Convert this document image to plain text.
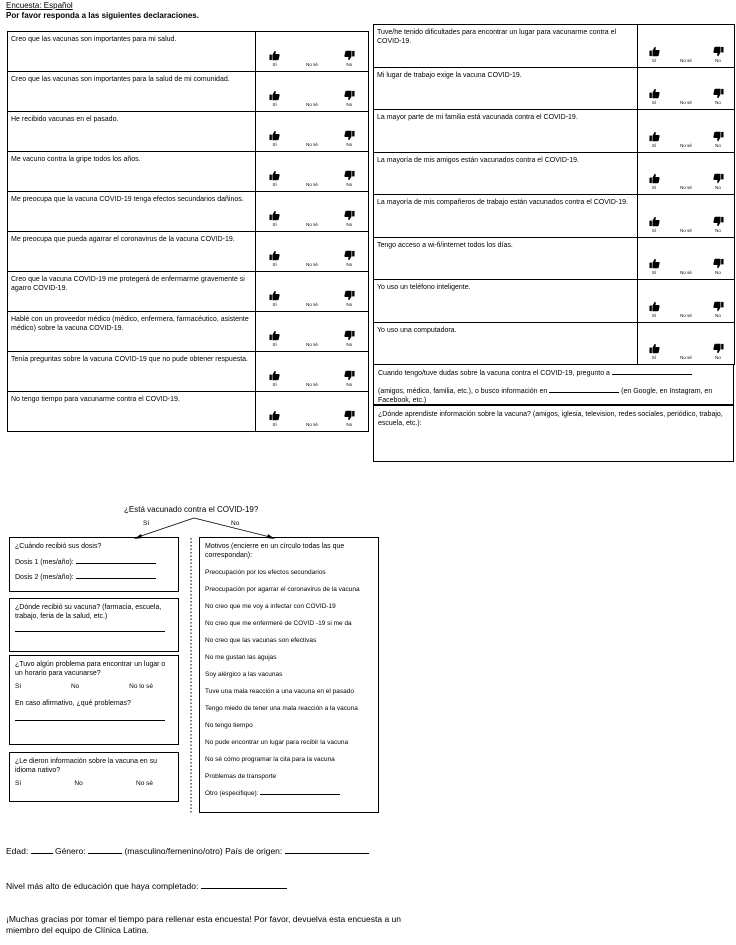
Encuesta: Español
Por favor responda a las siguientes declaraciones.
Creo que las vacunas son importantes para mi salud.	Sí No sé No

Creo que las vacunas son importantes para la salud de mi comunidad.	Sí No sé No

He recibido vacunas en el pasado.	Sí No sé No

Me vacuno contra la gripe todos los años.	Sí No sé No

Me preocupa que la vacuna COVID-19 tenga efectos secundarios dañinos.	Sí No sé No

Me preocupa que pueda agarrar el coronavirus de la vacuna COVID-19.	Sí No sé No

Creo que la vacuna COVID-19 me protegerá de enfermarme gravemente si agarro COVID-19.	Sí No sé No

Hablé con un proveedor médico (médico, enfermera, farmacéutico, asistente médico) sobre la vacuna COVID-19.	Sí No sé No

Tenía preguntas sobre la vacuna COVID-19 que no pude obtener respuesta.	Sí No sé No

No tengo tiempo para vacunarme contra el COVID-19.	Sí No sé No
Tuve/he tenido dificultades para encontrar un lugar para vacunarme contra el COVID-19.	Sí No sé No

Mi lugar de trabajo exige la vacuna COVID-19.	Sí No sé No

La mayor parte de mi familia está vacunada contra el COVID-19.	Sí No sé No

La mayoría de mis amigos están vacunados contra el COVID-19.	Sí No sé No

La mayoría de mis compañeros de trabajo están vacunados contra el COVID-19.	Sí No sé No

Tengo acceso a wi-fi/internet todos los días.	Sí No sé No

Yo uso un teléfono inteligente.	Sí No sé No

Yo uso una computadora.	Sí No sé No
Cuando tengo/tuve dudas sobre la vacuna contra el COVID-19, pregunto a
(amigos, médico, familia, etc.), o busco información en	(en Google, en Instagram, en Facebook, etc.)
¿Dónde aprendiste información sobre la vacuna? (amigos, iglesia, television, redes sociales, periódico, trabajo, escuela, etc.):
¿Está vacunado contra el COVID-19?
Sí	No
¿Cuándo recibió sus dosis?
Dosis 1 (mes/año):
Dosis 2 (mes/año):
¿Dónde recibió su vacuna? (farmacia, escuela, trabajo, feria de la salud, etc.)
¿Tuvo algún problema para encontrar un lugar o un horario para vacunarse?
Sí	No	No lo sé
En caso afirmativo, ¿qué problemas?
¿Le dieron información sobre la vacuna en su idioma nativo?
Sí	No	No sé
Motivos (encierre en un círculo todas las que correspondan):
Preocupación por los efectos secundarios
Preocupación por agarrar el coronavirus de la vacuna
No creo que me voy a infectar con COVID-19
No creo que me enfermeré de COVID -19 si me da
No creo que las vacunas son efectivas
No me gustan las agujas
Soy alérgico a las vacunas
Tuve una mala reacción a una vacuna en el pasado
Tengo miedo de tener una mala reacción a la vacuna
No tengo tiempo
No pude encontrar un lugar para recibir la vacuna
No sé cómo programar la cita para la vacuna
Problemas de transporte
Otro (especifique):
Edad:	Género:	(masculino/femenino/otro) País de origen:
Nivel más alto de educación que haya completado:
¡Muchas gracias por tomar el tiempo para rellenar esta encuesta! Por favor, devuelva esta encuesta a un miembro del equipo de Clínica Latina.
